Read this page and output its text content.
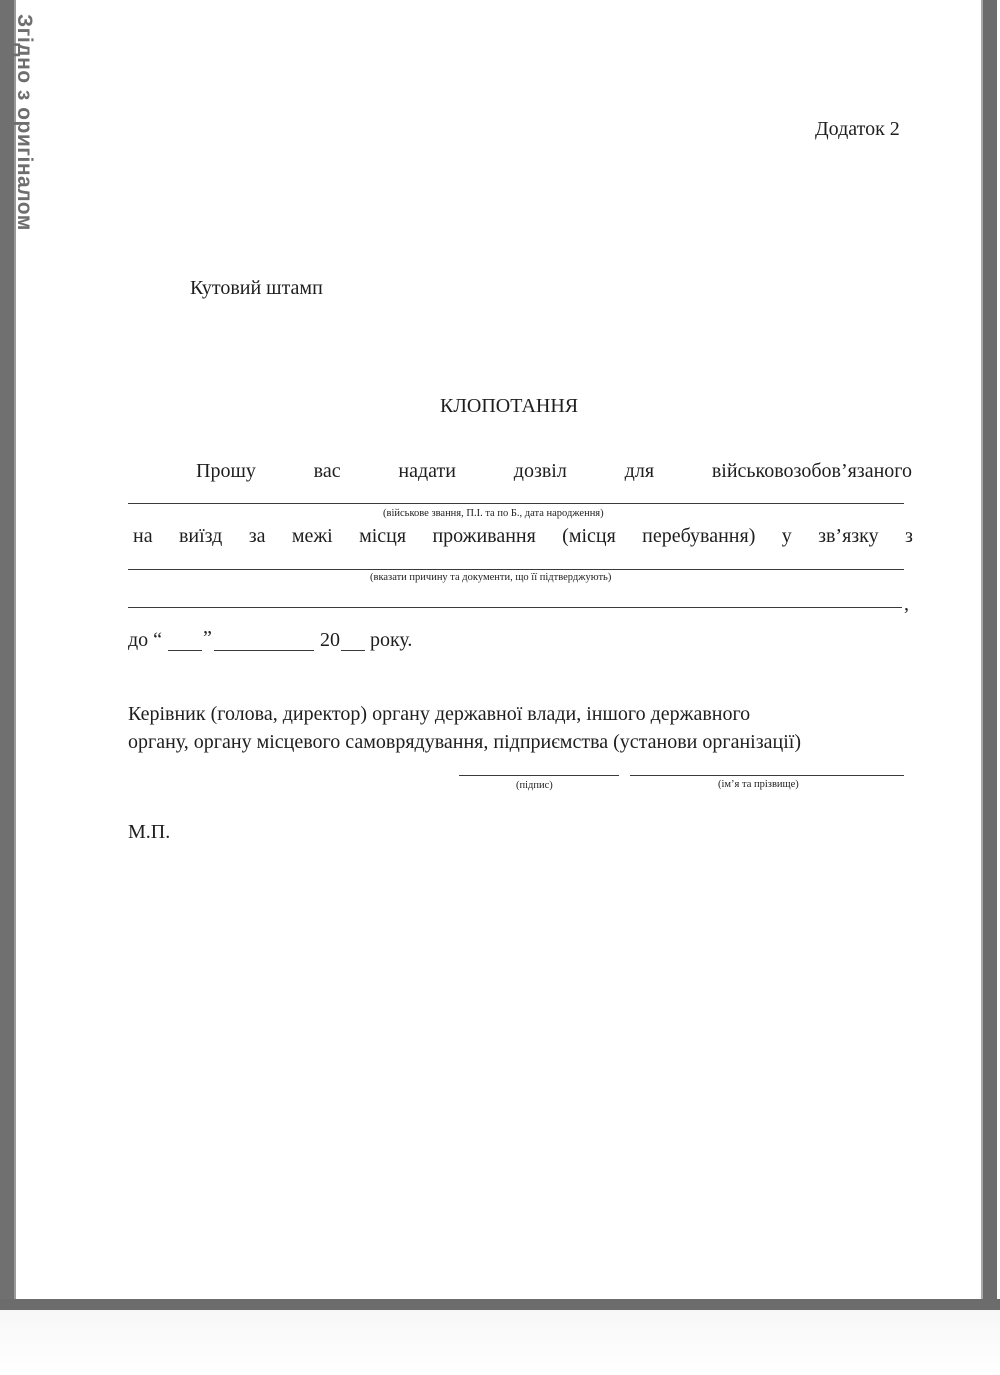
Згідно з оригіналом	Додаток 2
Кутовий штамп
КЛОПОТАННЯ
Прошу	вас	надати	дозвіл	для	військовозобов’язаного
(військове звання, П.І. та по Б., дата народження)
на виїзд за межі місця проживання (місця перебування) у зв’язку з
(вказати причину та документи, що її підтверджують)
,
до “ ”	20 року.
Керівник (голова, директор) органу державної влади, іншого державного
органу, органу місцевого самоврядування, підприємства (установи організації)
(підпис)	(ім’я та прізвище)
М.П.
